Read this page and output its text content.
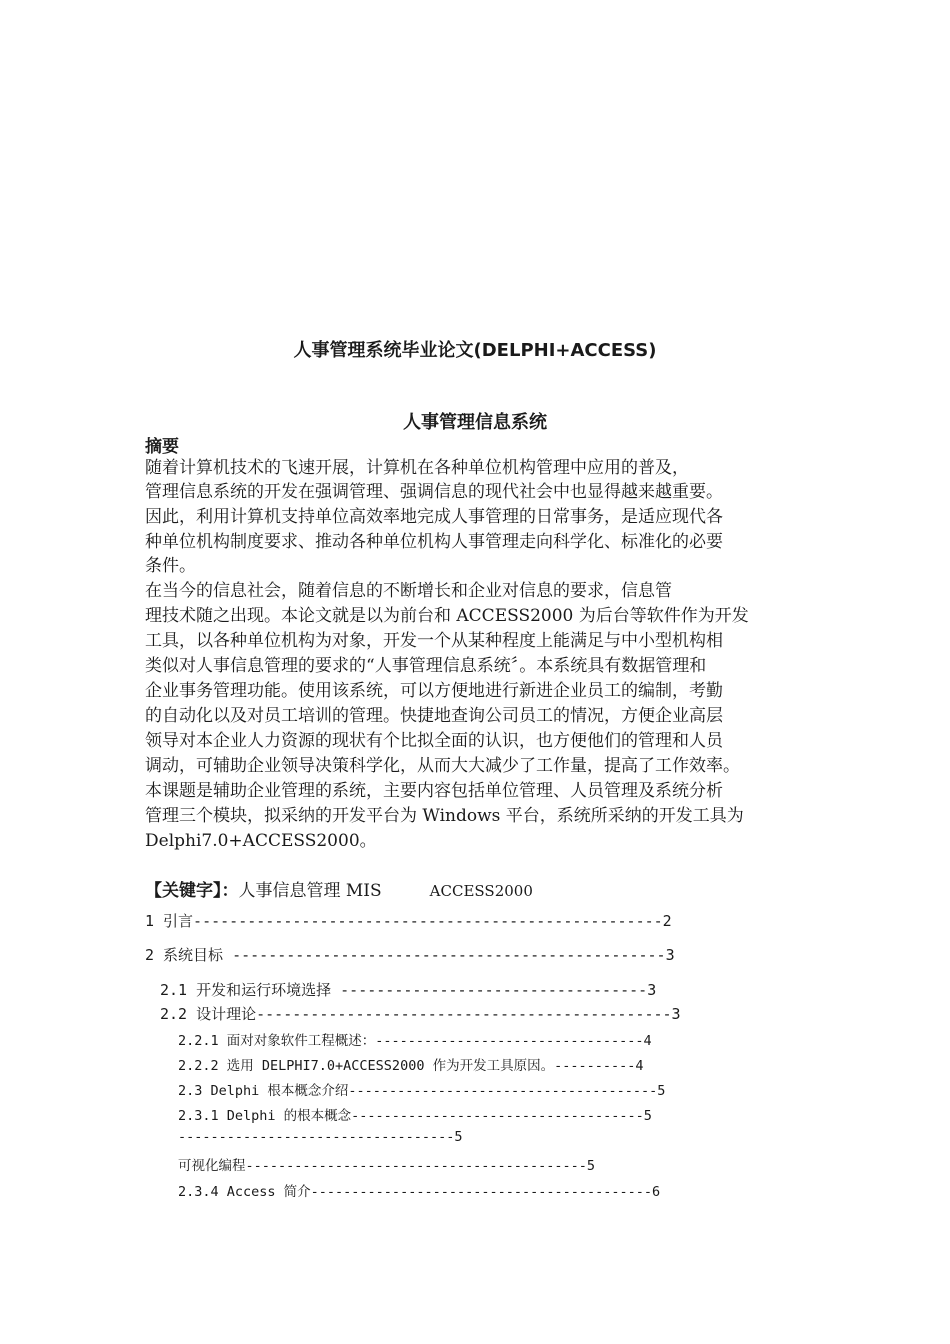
人事管理系统毕业论文(DELPHI+ACCESS)
人事管理信息系统
摘要
随着计算机技术的飞速开展，计算机在各种单位机构管理中应用的普及，
管理信息系统的开发在强调管理、强调信息的现代社会中也显得越来越重要。
因此，利用计算机支持单位高效率地完成人事管理的日常事务，是适应现代各
种单位机构制度要求、推动各种单位机构人事管理走向科学化、标准化的必要
条件。
在当今的信息社会，随着信息的不断增长和企业对信息的要求，信息管
理技术随之出现。本论文就是以为前台和 ACCESS2000 为后台等软件作为开发
工具，以各种单位机构为对象，开发一个从某种程度上能满足与中小型机构相
类似对人事信息管理的要求的“人事管理信息系统〞。本系统具有数据管理和
企业事务管理功能。使用该系统，可以方便地进行新进企业员工的编制，考勤
的自动化以及对员工培训的管理。快捷地查询公司员工的情况，方便企业高层
领导对本企业人力资源的现状有个比拟全面的认识，也方便他们的管理和人员
调动，可辅助企业领导决策科学化，从而大大减少了工作量，提高了工作效率。
本课题是辅助企业管理的系统，主要内容包括单位管理、人员管理及系统分析
管理三个模块，拟采纳的开发平台为 Windows 平台，系统所采纳的开发工具为
Delphi7.0+ACCESS2000。
【关键字】：人事信息管理 MIS	ACCESS2000
1 引言----------------------------------------------------2
2 系统目标 ------------------------------------------------3
2.1 开发和运行环境选择 ----------------------------------3
2.2 设计理论----------------------------------------------3
2.2.1 面对对象软件工程概述：---------------------------------4
2.2.2 选用 DELPHI7.0+ACCESS2000 作为开发工具原因。----------4
2.3 Delphi 根本概念介绍--------------------------------------5
2.3.1 Delphi 的根本概念------------------------------------5
----------------------------------5
可视化编程------------------------------------------5
2.3.4 Access 简介------------------------------------------6
